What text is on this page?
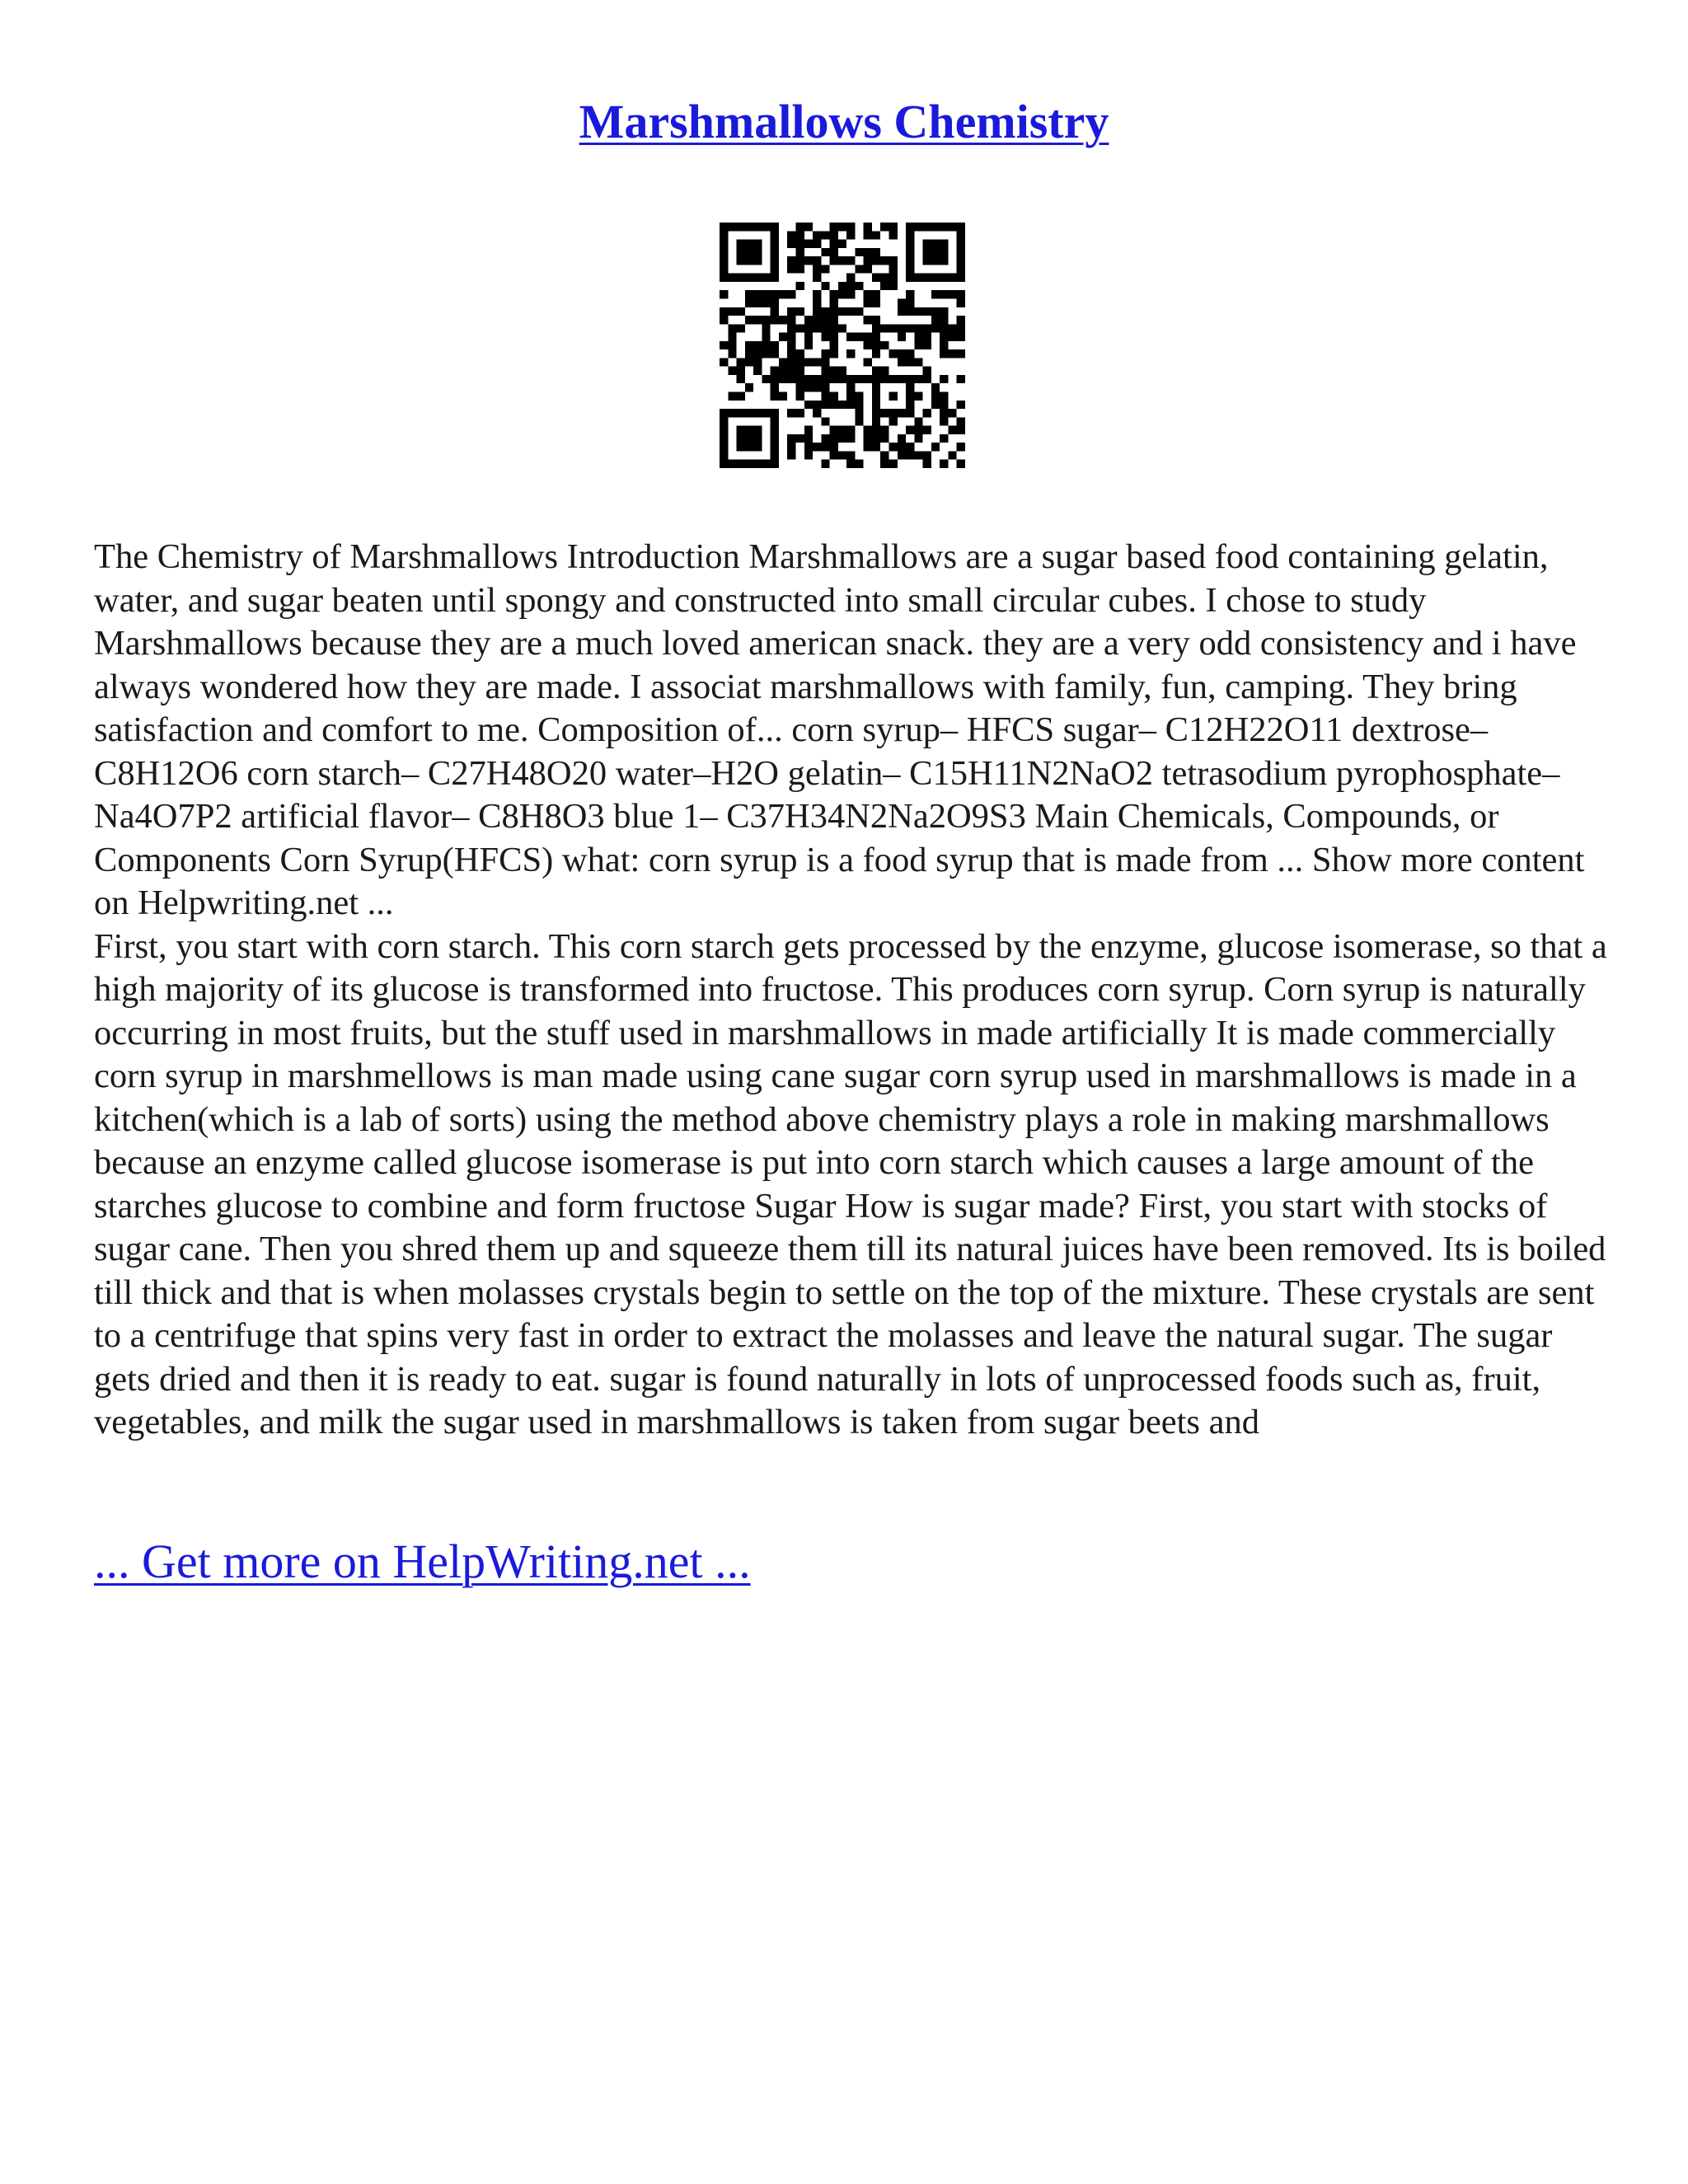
Marshmallows Chemistry

The Chemistry of Marshmallows Introduction Marshmallows are a sugar based food containing gelatin, water, and sugar beaten until spongy and constructed into small circular cubes. I chose to study Marshmallows because they are a much loved american snack. they are a very odd consistency and i have always wondered how they are made. I associat marshmallows with family, fun, camping. They bring satisfaction and comfort to me. Composition of... corn syrup– HFCS sugar– C12H22O11 dextrose– C8H12O6 corn starch– C27H48O20 water–H2O gelatin– C15H11N2NaO2 tetrasodium pyrophosphate–Na4O7P2 artificial flavor– C8H8O3 blue 1– C37H34N2Na2O9S3 Main Chemicals, Compounds, or Components Corn Syrup(HFCS) what: corn syrup is a food syrup that is made from ... Show more content on Helpwriting.net ...

First, you start with corn starch. This corn starch gets processed by the enzyme, glucose isomerase, so that a high majority of its glucose is transformed into fructose. This produces corn syrup. Corn syrup is naturally occurring in most fruits, but the stuff used in marshmallows in made artificially It is made commercially corn syrup in marshmellows is man made using cane sugar corn syrup used in marshmallows is made in a kitchen(which is a lab of sorts) using the method above chemistry plays a role in making marshmallows because an enzyme called glucose isomerase is put into corn starch which causes a large amount of the starches glucose to combine and form fructose Sugar How is sugar made? First, you start with stocks of sugar cane. Then you shred them up and squeeze them till its natural juices have been removed. Its is boiled till thick and that is when molasses crystals begin to settle on the top of the mixture. These crystals are sent to a centrifuge that spins very fast in order to extract the molasses and leave the natural sugar. The sugar gets dried and then it is ready to eat. sugar is found naturally in lots of unprocessed foods such as, fruit, vegetables, and milk the sugar used in marshmallows is taken from sugar beets and

... Get more on HelpWriting.net ...
